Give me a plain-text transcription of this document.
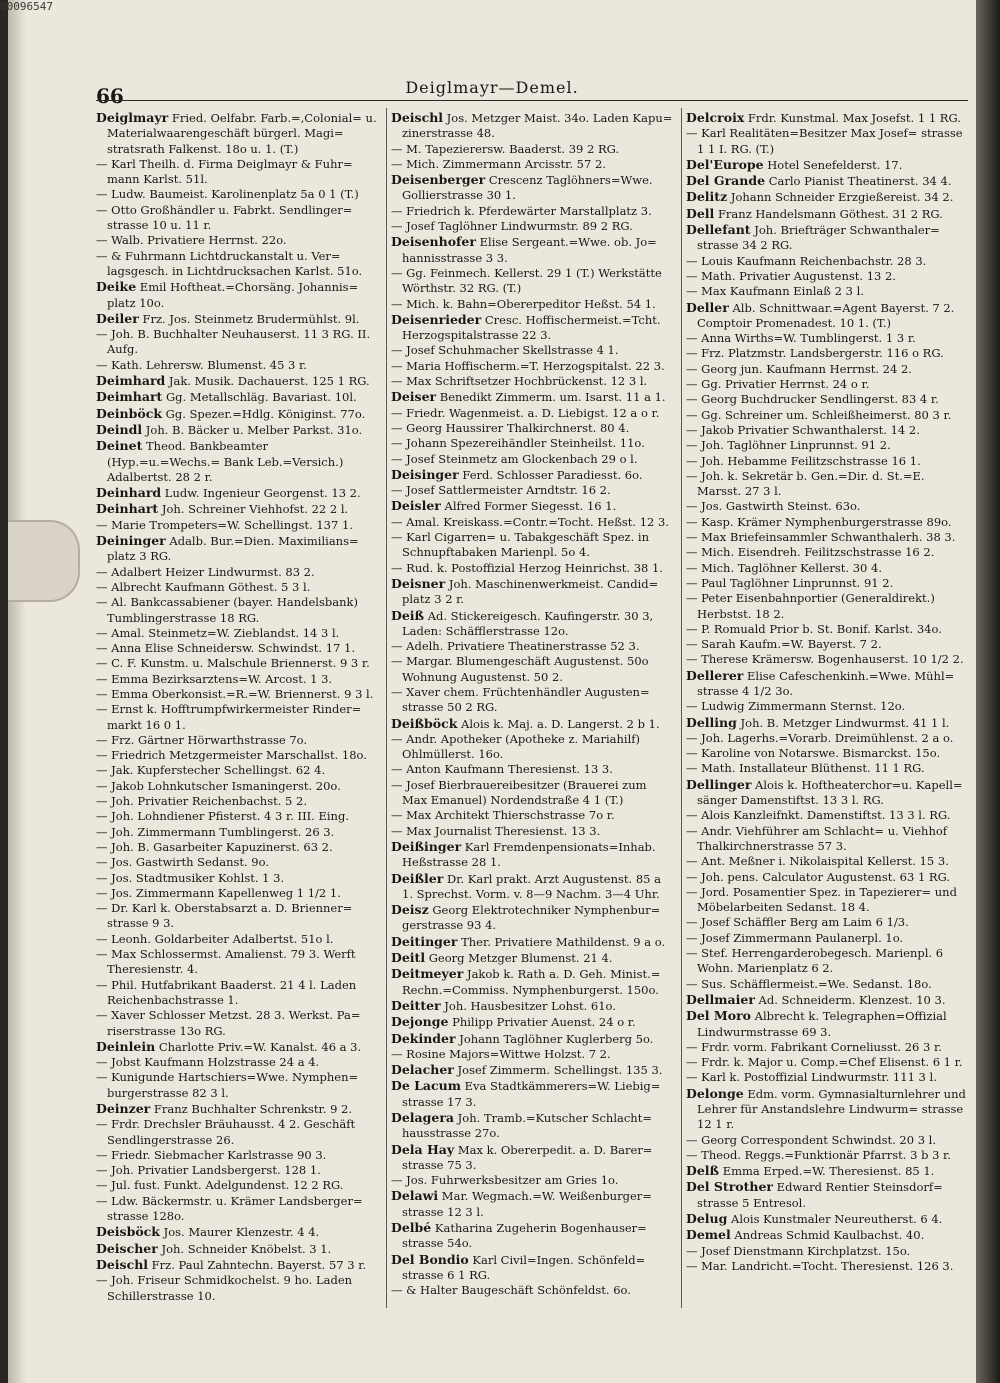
66	Deiglmayr—Demel.

Deiglmayr Fried. Oelfabr. Farb.=,Colonial= u. Materialwaarengeschäft bürgerl. Magi= stratsrath Falkenst. 18o u. 1. (T.)

— Karl Theilh. d. Firma Deiglmayr & Fuhr= mann Karlst. 51l.

— Ludw. Baumeist. Karolinenplatz 5a 0 1 (T.)

— Otto Großhändler u. Fabrkt. Sendlinger= strasse 10 u. 11 r.

— Walb. Privatiere Herrnst. 22o.

— & Fuhrmann Lichtdruckanstalt u. Ver= lagsgesch. in Lichtdrucksachen Karlst. 51o.

Deike Emil Hoftheat.=Chorsäng. Johannis= platz 10o.

Deiler Frz. Jos. Steinmetz Brudermühlst. 9l.

— Joh. B. Buchhalter Neuhauserst. 11 3 RG. II. Aufg.

— Kath. Lehrersw. Blumenst. 45 3 r.

Deimhard Jak. Musik. Dachauerst. 125 1 RG.

Deimhart Gg. Metallschläg. Bavariast. 10l.

Deinböck Gg. Spezer.=Hdlg. Königinst. 77o.

Deindl Joh. B. Bäcker u. Melber Parkst. 31o.

Deinet Theod. Bankbeamter (Hyp.=u.=Wechs.= Bank Leb.=Versich.) Adalbertst. 28 2 r.

Deinhard Ludw. Ingenieur Georgenst. 13 2.

Deinhart Joh. Schreiner Viehhofst. 22 2 l.

— Marie Trompeters=W. Schellingst. 137 1.

Deininger Adalb. Bur.=Dien. Maximilians= platz 3 RG.

— Adalbert Heizer Lindwurmst. 83 2.

— Albrecht Kaufmann Göthest. 5 3 l.

— Al. Bankcassabiener (bayer. Handelsbank) Tumblingerstrasse 18 RG.

— Amal. Steinmetz=W. Zieblandst. 14 3 l.

— Anna Elise Schneidersw. Schwindst. 17 1.

— C. F. Kunstm. u. Malschule Briennerst. 9 3 r.

— Emma Bezirksarztens=W. Arcost. 1 3.

— Emma Oberkonsist.=R.=W. Briennerst. 9 3 l.

— Ernst k. Hofftrumpfwirkermeister Rinder= markt 16 0 1.

— Frz. Gärtner Hörwarthstrasse 7o.

— Friedrich Metzgermeister Marschallst. 18o.

— Jak. Kupferstecher Schellingst. 62 4.

— Jakob Lohnkutscher Ismaningerst. 20o.

— Joh. Privatier Reichenbachst. 5 2.

— Joh. Lohndiener Pfisterst. 4 3 r. III. Eing.

— Joh. Zimmermann Tumblingerst. 26 3.

— Joh. B. Gasarbeiter Kapuzinerst. 63 2.

— Jos. Gastwirth Sedanst. 9o.

— Jos. Stadtmusiker Kohlst. 1 3.

— Jos. Zimmermann Kapellenweg 1 1/2 1.

— Dr. Karl k. Oberstabsarzt a. D. Brienner= strasse 9 3.

— Leonh. Goldarbeiter Adalbertst. 51o l.

— Max Schlossermst. Amalienst. 79 3. Werft Theresienstr. 4.

— Phil. Hutfabrikant Baaderst. 21 4 l. Laden Reichenbachstrasse 1.

— Xaver Schlosser Metzst. 28 3. Werkst. Pa= riserstrasse 13o RG.

Deinlein Charlotte Priv.=W. Kanalst. 46 a 3.

— Jobst Kaufmann Holzstrasse 24 a 4.

— Kunigunde Hartschiers=Wwe. Nymphen= burgerstrasse 82 3 l.

Deinzer Franz Buchhalter Schrenkstr. 9 2.

— Frdr. Drechsler Bräuhausst. 4 2. Geschäft Sendlingerstrasse 26.

— Friedr. Siebmacher Karlstrasse 90 3.

— Joh. Privatier Landsbergerst. 128 1.

— Jul. fust. Funkt. Adelgundenst. 12 2 RG.

— Ldw. Bäckermstr. u. Krämer Landsberger= strasse 128o.

Deisböck Jos. Maurer Klenzestr. 4 4.

Deischer Joh. Schneider Knöbelst. 3 1.

Deischl Frz. Paul Zahntechn. Bayerst. 57 3 r.

— Joh. Friseur Schmidkochelst. 9 ho. Laden Schillerstrasse 10.

Deischl Jos. Metzger Maist. 34o. Laden Kapu= zinerstrasse 48.

— M. Tapezierersw. Baaderst. 39 2 RG.

— Mich. Zimmermann Arcisstr. 57 2.

Deisenberger Crescenz Taglöhners=Wwe. Gollierstrasse 30 1.

— Friedrich k. Pferdewärter Marstallplatz 3.

— Josef Taglöhner Lindwurmstr. 89 2 RG.

Deisenhofer Elise Sergeant.=Wwe. ob. Jo= hannisstrasse 3 3.

— Gg. Feinmech. Kellerst. 29 1 (T.) Werkstätte Wörthstr. 32 RG. (T.)

— Mich. k. Bahn=Obererpeditor Heßst. 54 1.

Deisenrieder Cresc. Hoffischermeist.=Tcht. Herzogspitalstrasse 22 3.

— Josef Schuhmacher Skellstrasse 4 1.

— Maria Hoffischerm.=T. Herzogspitalst. 22 3.

— Max Schriftsetzer Hochbrückenst. 12 3 l.

Deiser Benedikt Zimmerm. um. Isarst. 11 a 1.

— Friedr. Wagenmeist. a. D. Liebigst. 12 a o r.

— Georg Haussirer Thalkirchnerst. 80 4.

— Johann Spezereihändler Steinheilst. 11o.

— Josef Steinmetz am Glockenbach 29 o l.

Deisinger Ferd. Schlosser Paradiesst. 6o.

— Josef Sattlermeister Arndtstr. 16 2.

Deisler Alfred Former Siegesst. 16 1.

— Amal. Kreiskass.=Contr.=Tocht. Heßst. 12 3.

— Karl Cigarren= u. Tabakgeschäft Spez. in Schnupftabaken Marienpl. 5o 4.

— Rud. k. Postoffizial Herzog Heinrichst. 38 1.

Deisner Joh. Maschinenwerkmeist. Candid= platz 3 2 r.

Deiß Ad. Stickereigesch. Kaufingerstr. 30 3, Laden: Schäfflerstrasse 12o.

— Adelh. Privatiere Theatinerstrasse 52 3.

— Margar. Blumengeschäft Augustenst. 50o Wohnung Augustenst. 50 2.

— Xaver chem. Früchtenhändler Augusten= strasse 50 2 RG.

Deißböck Alois k. Maj. a. D. Langerst. 2 b 1.

— Andr. Apotheker (Apotheke z. Mariahilf) Ohlmüllerst. 16o.

— Anton Kaufmann Theresienst. 13 3.

— Josef Bierbrauereibesitzer (Brauerei zum Max Emanuel) Nordendstraße 4 1 (T.)

— Max Architekt Thierschstrasse 7o r.

— Max Journalist Theresienst. 13 3.

Deißinger Karl Fremdenpensionats=Inhab. Heßstrasse 28 1.

Deißler Dr. Karl prakt. Arzt Augustenst. 85 a 1. Sprechst. Vorm. v. 8—9 Nachm. 3—4 Uhr.

Deisz Georg Elektrotechniker Nymphenbur= gerstrasse 93 4.

Deitinger Ther. Privatiere Mathildenst. 9 a o.

Deitl Georg Metzger Blumenst. 21 4.

Deitmeyer Jakob k. Rath a. D. Geh. Minist.= Rechn.=Commiss. Nymphenburgerst. 150o.

Deitter Joh. Hausbesitzer Lohst. 61o.

Dejonge Philipp Privatier Auenst. 24 o r.

Dekinder Johann Taglöhner Kuglerberg 5o.

— Rosine Majors=Wittwe Holzst. 7 2.

Delacher Josef Zimmerm. Schellingst. 135 3.

De Lacum Eva Stadtkämmerers=W. Liebig= strasse 17 3.

Delagera Joh. Tramb.=Kutscher Schlacht= hausstrasse 27o.

Dela Hay Max k. Obererpedit. a. D. Barer= strasse 75 3.

— Jos. Fuhrwerksbesitzer am Gries 1o.

Delawi Mar. Wegmach.=W. Weißenburger= strasse 12 3 l.

Delbé Katharina Zugeherin Bogenhauser= strasse 54o.

Del Bondio Karl Civil=Ingen. Schönfeld= strasse 6 1 RG.

— & Halter Baugeschäft Schönfeldst. 6o.

Delcroix Frdr. Kunstmal. Max Josefst. 1 1 RG.

— Karl Realitäten=Besitzer Max Josef= strasse 1 1 I. RG. (T.)

Del'Europe Hotel Senefelderst. 17.

Del Grande Carlo Pianist Theatinerst. 34 4.

Delitz Johann Schneider Erzgießereist. 34 2.

Dell Franz Handelsmann Göthest. 31 2 RG.

Dellefant Joh. Briefträger Schwanthaler= strasse 34 2 RG.

— Louis Kaufmann Reichenbachstr. 28 3.

— Math. Privatier Augustenst. 13 2.

— Max Kaufmann Einlaß 2 3 l.

Deller Alb. Schnittwaar.=Agent Bayerst. 7 2. Comptoir Promenadest. 10 1. (T.)

— Anna Wirths=W. Tumblingerst. 1 3 r.

— Frz. Platzmstr. Landsbergerstr. 116 o RG.

— Georg jun. Kaufmann Herrnst. 24 2.

— Gg. Privatier Herrnst. 24 o r.

— Georg Buchdrucker Sendlingerst. 83 4 r.

— Gg. Schreiner um. Schleißheimerst. 80 3 r.

— Jakob Privatier Schwanthalerst. 14 2.

— Joh. Taglöhner Linprunnst. 91 2.

— Joh. Hebamme Feilitzschstrasse 16 1.

— Joh. k. Sekretär b. Gen.=Dir. d. St.=E. Marsst. 27 3 l.

— Jos. Gastwirth Steinst. 63o.

— Kasp. Krämer Nymphenburgerstrasse 89o.

— Max Briefeinsammler Schwanthalerh. 38 3.

— Mich. Eisendreh. Feilitzschstrasse 16 2.

— Mich. Taglöhner Kellerst. 30 4.

— Paul Taglöhner Linprunnst. 91 2.

— Peter Eisenbahnportier (Generaldirekt.) Herbstst. 18 2.

— P. Romuald Prior b. St. Bonif. Karlst. 34o.

— Sarah Kaufm.=W. Bayerst. 7 2.

— Therese Krämersw. Bogenhauserst. 10 1/2 2.

Dellerer Elise Cafeschenkinh.=Wwe. Mühl= strasse 4 1/2 3o.

— Ludwig Zimmermann Sternst. 12o.

Delling Joh. B. Metzger Lindwurmst. 41 1 l.

— Joh. Lagerhs.=Vorarb. Dreimühlenst. 2 a o.

— Karoline von Notarswe. Bismarckst. 15o.

— Math. Installateur Blüthenst. 11 1 RG.

Dellinger Alois k. Hoftheaterchor=u. Kapell= sänger Damenstiftst. 13 3 l. RG.

— Alois Kanzleifnkt. Damenstiftst. 13 3 l. RG.

— Andr. Viehführer am Schlacht= u. Viehhof Thalkirchnerstrasse 57 3.

— Ant. Meßner i. Nikolaispital Kellerst. 15 3.

— Joh. pens. Calculator Augustenst. 63 1 RG.

— Jord. Posamentier Spez. in Tapezierer= und Möbelarbeiten Sedanst. 18 4.

— Josef Schäffler Berg am Laim 6 1/3.

— Josef Zimmermann Paulanerpl. 1o.

— Stef. Herrengarderobegesch. Marienpl. 6 Wohn. Marienplatz 6 2.

— Sus. Schäfflermeist.=We. Sedanst. 18o.

Dellmaier Ad. Schneiderm. Klenzest. 10 3.

Del Moro Albrecht k. Telegraphen=Offizial Lindwurmstrasse 69 3.

— Frdr. vorm. Fabrikant Corneliusst. 26 3 r.

— Frdr. k. Major u. Comp.=Chef Elisenst. 6 1 r.

— Karl k. Postoffizial Lindwurmstr. 111 3 l.

Delonge Edm. vorm. Gymnasialturnlehrer und Lehrer für Anstandslehre Lindwurm= strasse 12 1 r.

— Georg Correspondent Schwindst. 20 3 l.

— Theod. Reggs.=Funktionär Pfarrst. 3 b 3 r.

Delß Emma Erped.=W. Theresienst. 85 1.

Del Strother Edward Rentier Steinsdorf= strasse 5 Entresol.

Delug Alois Kunstmaler Neureutherst. 6 4.

Demel Andreas Schmid Kaulbachst. 40.

— Josef Dienstmann Kirchplatzst. 15o.

— Mar. Landricht.=Tocht. Theresienst. 126 3.

00096547
